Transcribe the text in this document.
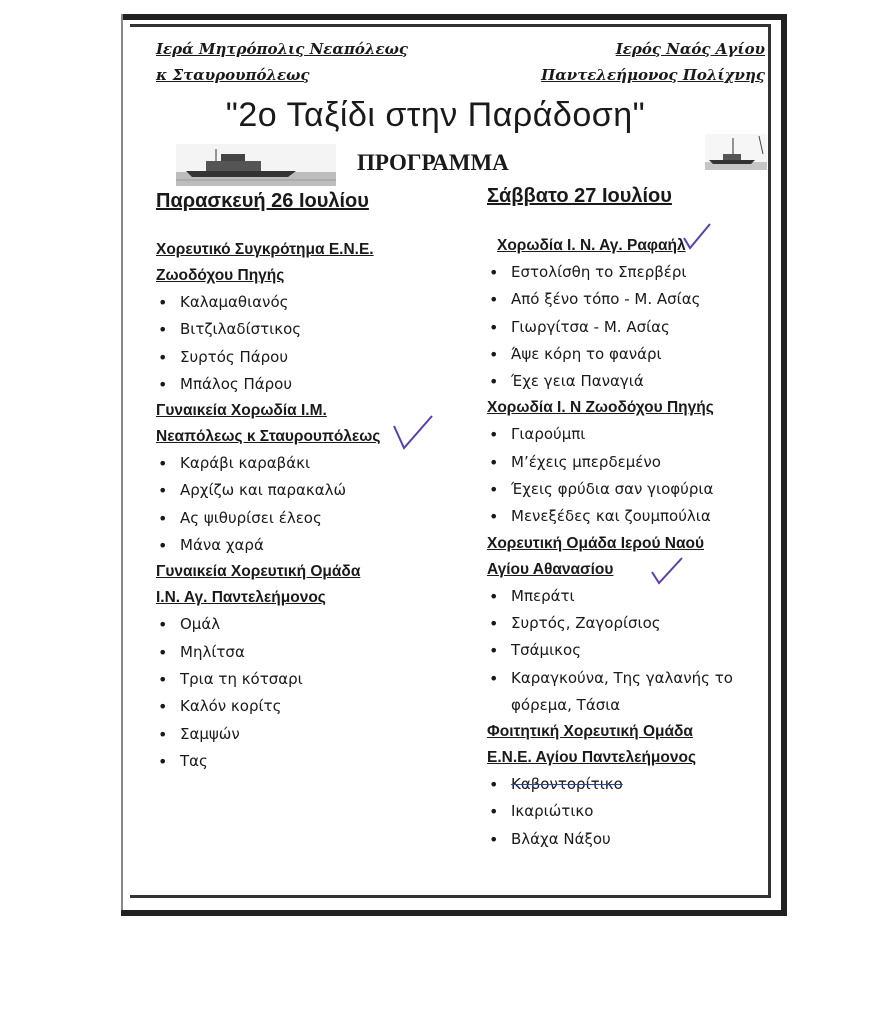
Ιερά Μητρόπολις Νεαπόλεως
κ Σταυρουπόλεως
Ιερός Ναός Αγίου
Παντελεήμονος Πολίχνης
"2ο Ταξίδι στην Παράδοση"
ΠΡΟΓΡΑΜΜΑ
Παρασκευή 26 Ιουλίου
Χορευτικό Συγκρότημα Ε.Ν.Ε.
Ζωοδόχου Πηγής
• Καλαμαθιανός
• Βιτζιλαδίστικος
• Συρτός Πάρου
• Μπάλος Πάρου
Γυναικεία Χορωδία Ι.Μ.
Νεαπόλεως κ Σταυρουπόλεως
• Καράβι καραβάκι
• Αρχίζω και παρακαλώ
• Ας ψιθυρίσει έλεος
• Μάνα χαρά
Γυναικεία Χορευτική Ομάδα
Ι.Ν. Αγ. Παντελεήμονος
• Ομάλ
• Μηλίτσα
• Τρια τη κότσαρι
• Καλόν κορίτς
• Σαμψών
• Τας
Σάββατο 27 Ιουλίου
Χορωδία Ι. Ν. Αγ. Ραφαήλ
• Εστολίσθη το Σπερβέρι
• Από ξένο τόπο - Μ. Ασίας
• Γιωργίτσα - Μ. Ασίας
• Άψε κόρη το φανάρι
• Έχε γεια Παναγιά
Χορωδία Ι. Ν Ζωοδόχου Πηγής
• Γιαρούμπι
• Μ’έχεις μπερδεμένο
• Έχεις φρύδια σαν γιοφύρια
• Μενεξέδες και ζουμπούλια
Χορευτική Ομάδα Ιερού Ναού
Αγίου Αθανασίου
• Μπεράτι
• Συρτός, Ζαγορίσιος
• Τσάμικος
• Καραγκούνα, Της γαλανής το
φόρεμα, Τάσια
Φοιτητική Χορευτική Ομάδα
Ε.Ν.Ε. Αγίου Παντελεήμονος
• Καβοντορίτικο
• Ικαριώτικο
• Βλάχα Νάξου
